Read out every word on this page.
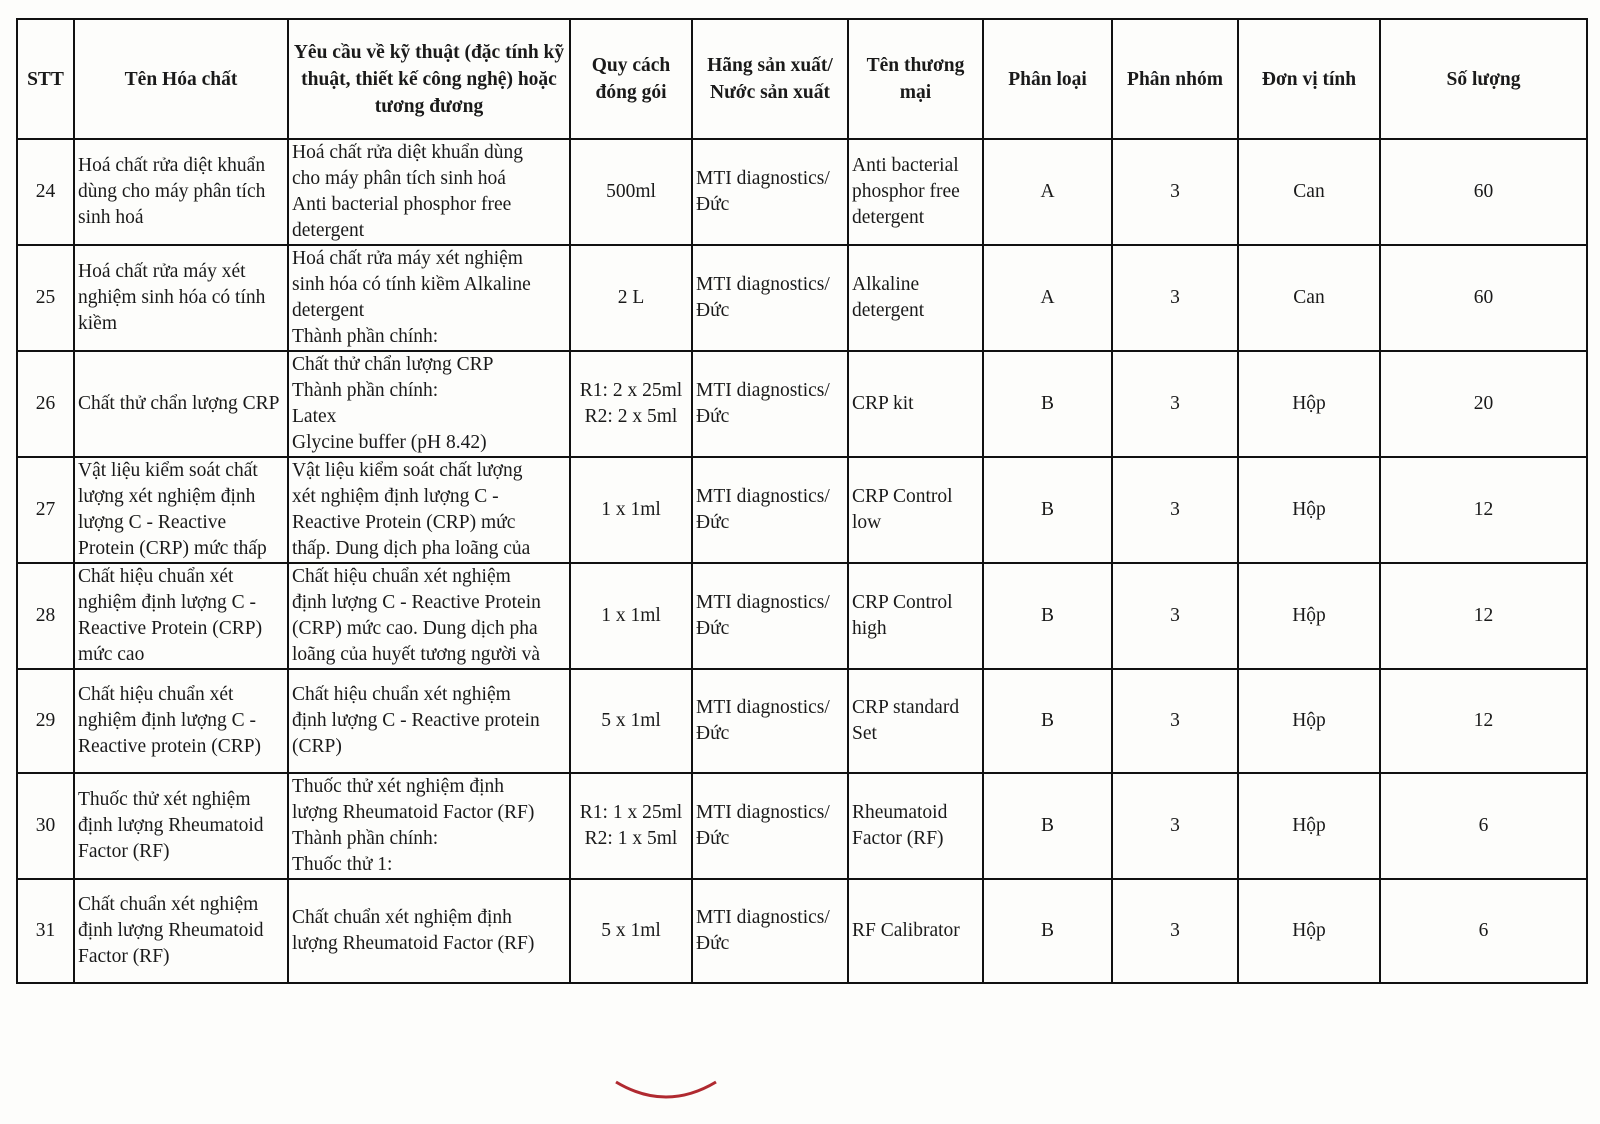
STT	Tên Hóa chất	Yêu cầu về kỹ thuật (đặc tính kỹ thuật, thiết kế công nghệ) hoặc tương đương	Quy cách đóng gói	Hãng sản xuất/ Nước sản xuất	Tên thương mại	Phân loại	Phân nhóm	Đơn vị tính	Số lượng
24	Hoá chất rửa diệt khuẩn dùng cho máy phân tích sinh hoá	Hoá chất rửa diệt khuẩn dùng
cho máy phân tích sinh hoá
Anti bacterial phosphor free
detergent	500ml	MTI diagnostics/
Đức	Anti bacterial
phosphor free
detergent	A	3	Can	60
25	Hoá chất rửa máy xét nghiệm sinh hóa có tính kiềm	Hoá chất rửa máy xét nghiệm
sinh hóa có tính kiềm Alkaline
detergent
Thành phần chính:	2 L	MTI diagnostics/
Đức	Alkaline
detergent	A	3	Can	60
26	Chất thử chẩn lượng CRP	Chất thử chẩn lượng CRP
Thành phần chính:
Latex
Glycine buffer (pH 8.42)	R1: 2 x 25ml
R2: 2 x 5ml	MTI diagnostics/
Đức	CRP kit	B	3	Hộp	20
27	Vật liệu kiểm soát chất lượng xét nghiệm định lượng C - Reactive Protein (CRP) mức thấp	Vật liệu kiểm soát chất lượng
xét nghiệm định lượng C -
Reactive Protein (CRP) mức
thấp. Dung dịch pha loãng của	1 x 1ml	MTI diagnostics/
Đức	CRP Control
low	B	3	Hộp	12
28	Chất hiệu chuẩn xét nghiệm định lượng C - Reactive Protein (CRP) mức cao	Chất hiệu chuẩn xét nghiệm
định lượng C - Reactive Protein
(CRP) mức cao. Dung dịch pha
loãng của huyết tương người và	1 x 1ml	MTI diagnostics/
Đức	CRP Control
high	B	3	Hộp	12
29	Chất hiệu chuẩn xét nghiệm định lượng C - Reactive protein (CRP)	Chất hiệu chuẩn xét nghiệm
định lượng C - Reactive protein
(CRP)	5 x 1ml	MTI diagnostics/
Đức	CRP standard
Set	B	3	Hộp	12
30	Thuốc thử xét nghiệm định lượng Rheumatoid Factor (RF)	Thuốc thử xét nghiệm định
lượng Rheumatoid Factor (RF)
Thành phần chính:
Thuốc thử 1:	R1: 1 x 25ml
R2: 1 x 5ml	MTI diagnostics/
Đức	Rheumatoid
Factor (RF)	B	3	Hộp	6
31	Chất chuẩn xét nghiệm định lượng Rheumatoid Factor (RF)	Chất chuẩn xét nghiệm định
lượng Rheumatoid Factor (RF)	5 x 1ml	MTI diagnostics/
Đức	RF Calibrator	B	3	Hộp	6
